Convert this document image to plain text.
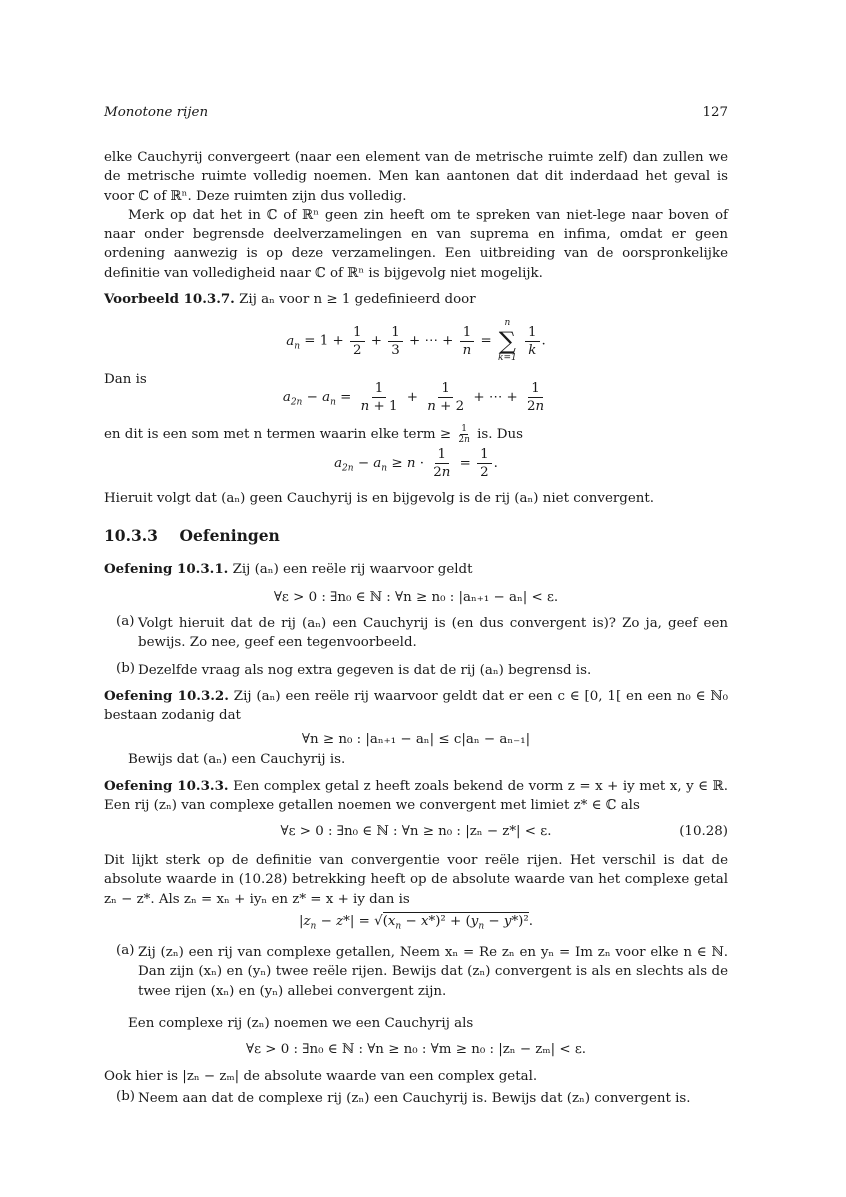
Monotone rijen	127

elke Cauchyrij convergeert (naar een element van de metrische ruimte zelf) dan zullen we de metrische ruimte volledig noemen. Men kan aantonen dat dit inderdaad het geval is voor ℂ of ℝⁿ. Deze ruimten zijn dus volledig.

Merk op dat het in ℂ of ℝⁿ geen zin heeft om te spreken van niet-lege naar boven of naar onder begrensde deelverzamelingen en van suprema en infima, omdat er geen ordening aanwezig is op deze verzamelingen. Een uitbreiding van de oorspronkelijke definitie van volledigheid naar ℂ of ℝⁿ is bijgevolg niet mogelijk.

Voorbeeld 10.3.7. Zij aₙ voor n ≥ 1 gedefinieerd door

$a_n = 1 + \frac{1}{2} + \frac{1}{3}$ + ⋯ + $\frac{1}{n}$ =
n
∑
k=1
$\frac{1}{k}$ .

Dan is

$a_{2n} - a_n = \frac{1}{n + 1} + \frac{1}{n + 2}$ + ⋯ + $\frac{1}{2n}$

en dit is een som met n termen waarin elke term ≥ $\frac{1}{2n}$ is. Dus

$a_{2n} - a_n \ge n \cdot \frac{1}{2n} = \frac{1}{2}$ .

Hieruit volgt dat (aₙ) geen Cauchyrij is en bijgevolg is de rij (aₙ) niet convergent.

10.3.3 Oefeningen

Oefening 10.3.1. Zij (aₙ) een reële rij waarvoor geldt

∀ε > 0 : ∃n₀ ∈ ℕ : ∀n ≥ n₀ : |aₙ₊₁ − aₙ| < ε.
(a) Volgt hieruit dat de rij (aₙ) een Cauchyrij is (en dus convergent is)? Zo ja, geef een bewijs. Zo nee, geef een tegenvoorbeeld.

(b) Dezelfde vraag als nog extra gegeven is dat de rij (aₙ) begrensd is.

Oefening 10.3.2. Zij (aₙ) een reële rij waarvoor geldt dat er een c ∈ [0, 1[ en een n₀ ∈ ℕ₀ bestaan zodanig dat

∀n ≥ n₀ : |aₙ₊₁ − aₙ| ≤ c|aₙ − aₙ₋₁|

Bewijs dat (aₙ) een Cauchyrij is.

Oefening 10.3.3. Een complex getal z heeft zoals bekend de vorm z = x + iy met x, y ∈ ℝ. Een rij (zₙ) van complexe getallen noemen we convergent met limiet z* ∈ ℂ als

∀ε > 0 : ∃n₀ ∈ ℕ : ∀n ≥ n₀ : |zₙ − z*| < ε.	(10.28)

Dit lijkt sterk op de definitie van convergentie voor reële rijen. Het verschil is dat de absolute waarde in (10.28) betrekking heeft op de absolute waarde van het complexe getal zₙ − z*. Als zₙ = xₙ + iyₙ en z* = x + iy dan is

$|z_n - z*| = √(x_n - x*)^2 + (y_n - y*)^2$.
(a) Zij (zₙ) een rij van complexe getallen, Neem xₙ = Re zₙ en yₙ = Im zₙ voor elke n ∈ ℕ. Dan zijn (xₙ) en (yₙ) twee reële rijen. Bewijs dat (zₙ) convergent is als en slechts als de twee rijen (xₙ) en (yₙ) allebei convergent zijn.

Een complexe rij (zₙ) noemen we een Cauchyrij als

∀ε > 0 : ∃n₀ ∈ ℕ : ∀n ≥ n₀ : ∀m ≥ n₀ : |zₙ − zₘ| < ε.

Ook hier is |zₙ − zₘ| de absolute waarde van een complex getal.

(b) Neem aan dat de complexe rij (zₙ) een Cauchyrij is. Bewijs dat (zₙ) convergent is.
